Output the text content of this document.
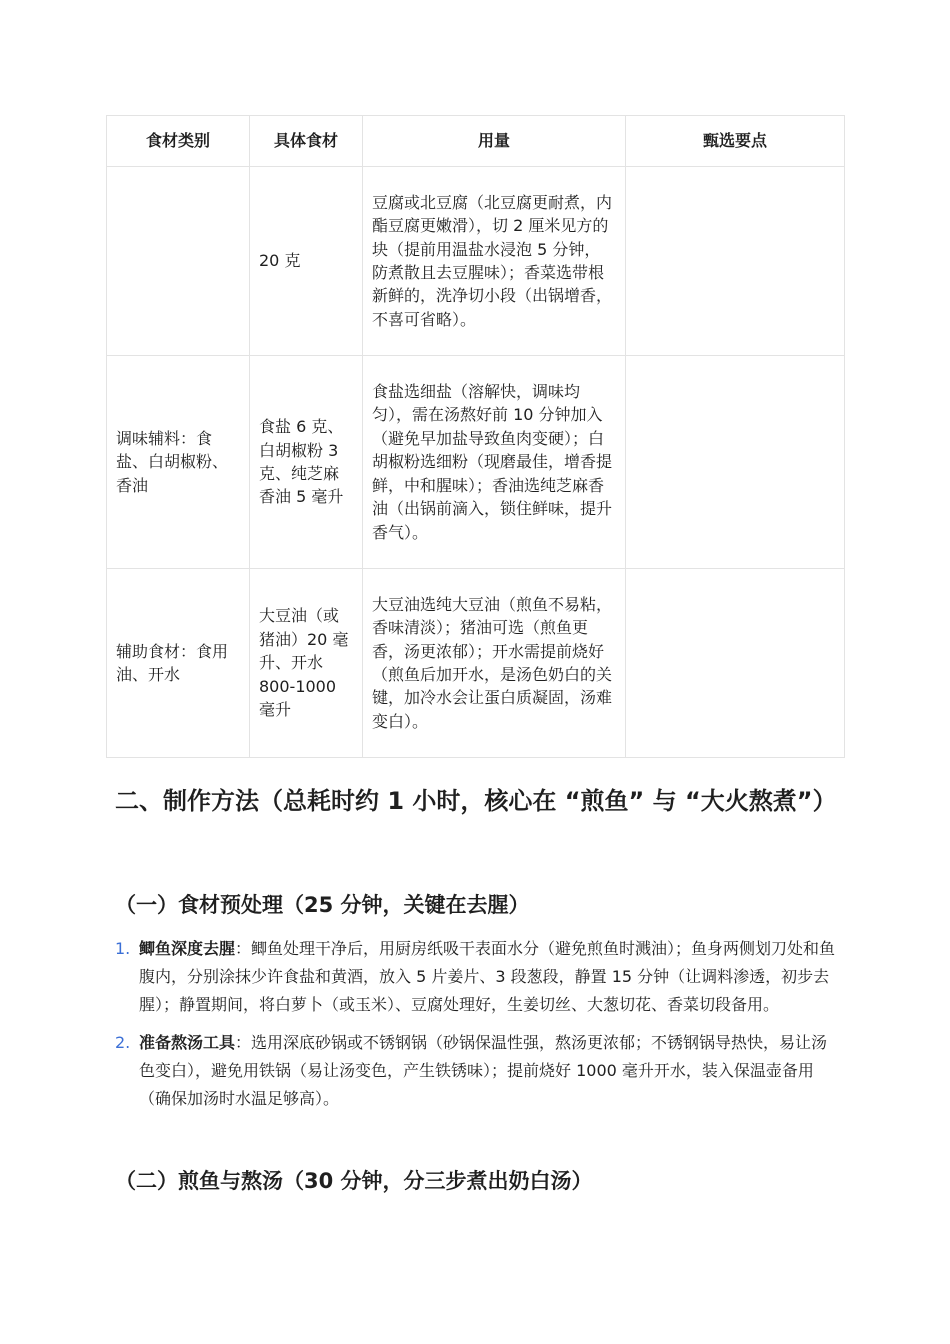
食材类别	具体食材	用量	甄选要点
	20 克	豆腐或北豆腐（北豆腐更耐煮，内酯豆腐更嫩滑），切 2 厘米见方的块（提前用温盐水浸泡 5 分钟，防煮散且去豆腥味）；香菜选带根新鲜的，洗净切小段（出锅增香，不喜可省略）。	
调味辅料：食盐、白胡椒粉、香油	食盐 6 克、白胡椒粉 3 克、纯芝麻香油 5 毫升	食盐选细盐（溶解快，调味均匀），需在汤熬好前 10 分钟加入（避免早加盐导致鱼肉变硬）；白胡椒粉选细粉（现磨最佳，增香提鲜，中和腥味）；香油选纯芝麻香油（出锅前滴入，锁住鲜味，提升香气）。	
辅助食材：食用油、开水	大豆油（或猪油）20 毫升、开水 800-1000 毫升	大豆油选纯大豆油（煎鱼不易粘，香味清淡）；猪油可选（煎鱼更香，汤更浓郁）；开水需提前烧好（煎鱼后加开水，是汤色奶白的关键，加冷水会让蛋白质凝固，汤难变白）。	
二、制作方法（总耗时约 1 小时，核心在 “煎鱼” 与 “大火熬煮”）
（一）食材预处理（25 分钟，关键在去腥）
1. 鲫鱼深度去腥：鲫鱼处理干净后，用厨房纸吸干表面水分（避免煎鱼时溅油）；鱼身两侧划刀处和鱼腹内，分别涂抹少许食盐和黄酒，放入 5 片姜片、3 段葱段，静置 15 分钟（让调料渗透，初步去腥）；静置期间，将白萝卜（或玉米）、豆腐处理好，生姜切丝、大葱切花、香菜切段备用。
2. 准备熬汤工具：选用深底砂锅或不锈钢锅（砂锅保温性强，熬汤更浓郁；不锈钢锅导热快，易让汤色变白），避免用铁锅（易让汤变色，产生铁锈味）；提前烧好 1000 毫升开水，装入保温壶备用（确保加汤时水温足够高）。
（二）煎鱼与熬汤（30 分钟，分三步煮出奶白汤）
